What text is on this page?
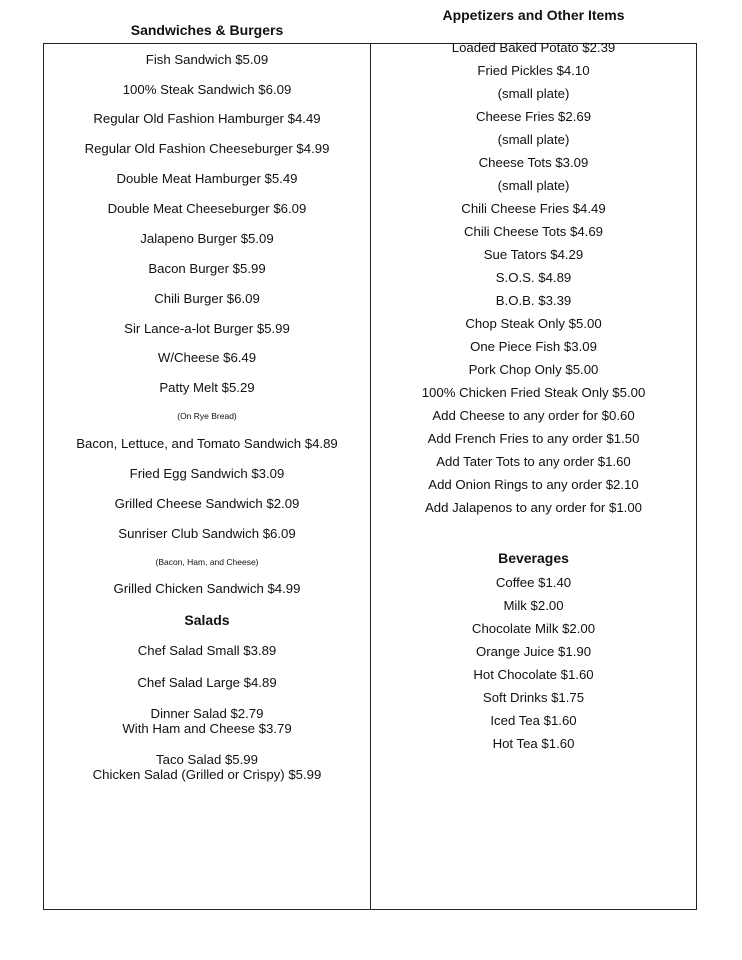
Sandwiches & Burgers
Fish Sandwich $5.09
100% Steak Sandwich $6.09
Regular Old Fashion Hamburger $4.49
Regular Old Fashion Cheeseburger $4.99
Double Meat Hamburger $5.49
Double Meat Cheeseburger $6.09
Jalapeno Burger $5.09
Bacon Burger $5.99
Chili Burger $6.09
Sir Lance-a-lot Burger $5.99
W/Cheese $6.49
Patty Melt $5.29
(On Rye Bread)
Bacon, Lettuce, and Tomato Sandwich $4.89
Fried Egg Sandwich $3.09
Grilled Cheese Sandwich $2.09
Sunriser Club Sandwich $6.09
(Bacon, Ham, and Cheese)
Grilled Chicken Sandwich $4.99
Salads
Chef Salad Small $3.89
Chef Salad Large $4.89
Dinner Salad $2.79
With Ham and Cheese $3.79
Taco Salad $5.99
Chicken Salad (Grilled or Crispy) $5.99
Appetizers and Other Items
Loaded Baked Potato $2.39
Fried Pickles $4.10
(small plate)
Cheese Fries $2.69
(small plate)
Cheese Tots $3.09
(small plate)
Chili Cheese Fries $4.49
Chili Cheese Tots $4.69
Sue Tators $4.29
S.O.S. $4.89
B.O.B. $3.39
Chop Steak Only $5.00
One Piece Fish $3.09
Pork Chop Only $5.00
100% Chicken Fried Steak Only $5.00
Add Cheese to any order for $0.60
Add French Fries to any order $1.50
Add Tater Tots to any order $1.60
Add Onion Rings to any order $2.10
Add Jalapenos to any order for $1.00
Beverages
Coffee $1.40
Milk $2.00
Chocolate Milk $2.00
Orange Juice $1.90
Hot Chocolate $1.60
Soft Drinks $1.75
Iced Tea $1.60
Hot Tea $1.60
